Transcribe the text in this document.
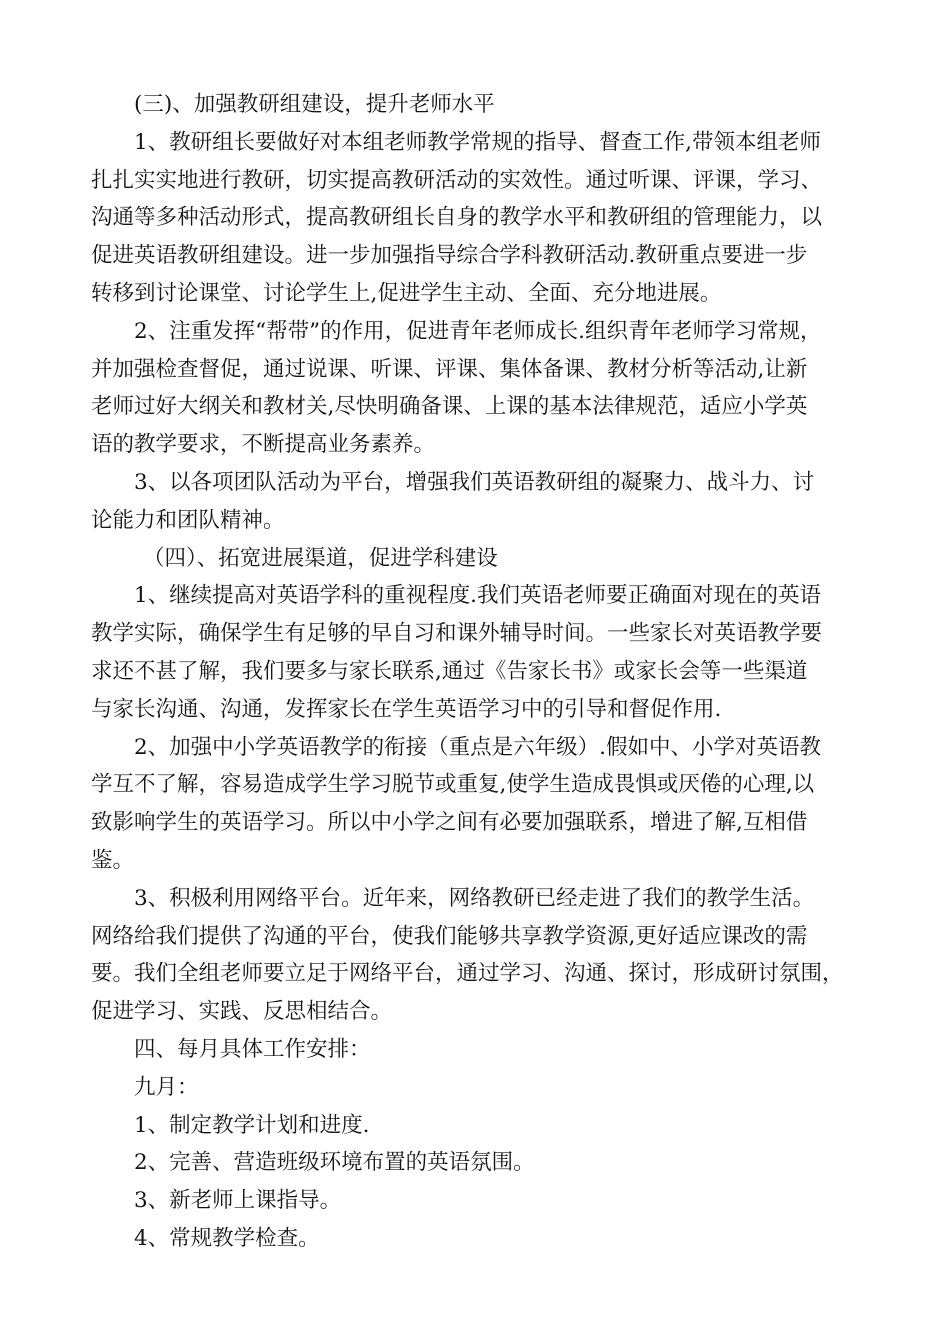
(三)、加强教研组建设，提升老师水平
1、教研组长要做好对本组老师教学常规的指导、督查工作,带领本组老师
扎扎实实地进行教研，切实提高教研活动的实效性。通过听课、评课，学习、
沟通等多种活动形式，提高教研组长自身的教学水平和教研组的管理能力，以
促进英语教研组建设。进一步加强指导综合学科教研活动.教研重点要进一步
转移到讨论课堂、讨论学生上,促进学生主动、全面、充分地进展。
2、注重发挥“帮带”的作用，促进青年老师成长.组织青年老师学习常规，
并加强检查督促，通过说课、听课、评课、集体备课、教材分析等活动,让新
老师过好大纲关和教材关,尽快明确备课、上课的基本法律规范，适应小学英
语的教学要求，不断提高业务素养。
3、以各项团队活动为平台，增强我们英语教研组的凝聚力、战斗力、讨
论能力和团队精神。
（四）、拓宽进展渠道，促进学科建设
1、继续提高对英语学科的重视程度.我们英语老师要正确面对现在的英语
教学实际，确保学生有足够的早自习和课外辅导时间。一些家长对英语教学要
求还不甚了解，我们要多与家长联系,通过《告家长书》或家长会等一些渠道
与家长沟通、沟通，发挥家长在学生英语学习中的引导和督促作用.
2、加强中小学英语教学的衔接（重点是六年级）.假如中、小学对英语教
学互不了解，容易造成学生学习脱节或重复,使学生造成畏惧或厌倦的心理,以
致影响学生的英语学习。所以中小学之间有必要加强联系，增进了解,互相借
鉴。
3、积极利用网络平台。近年来，网络教研已经走进了我们的教学生活。
网络给我们提供了沟通的平台，使我们能够共享教学资源,更好适应课改的需
要。我们全组老师要立足于网络平台，通过学习、沟通、探讨，形成研讨氛围，
促进学习、实践、反思相结合。
四、每月具体工作安排：
九月：
1、制定教学计划和进度.
2、完善、营造班级环境布置的英语氛围。
3、新老师上课指导。
4、常规教学检查。
